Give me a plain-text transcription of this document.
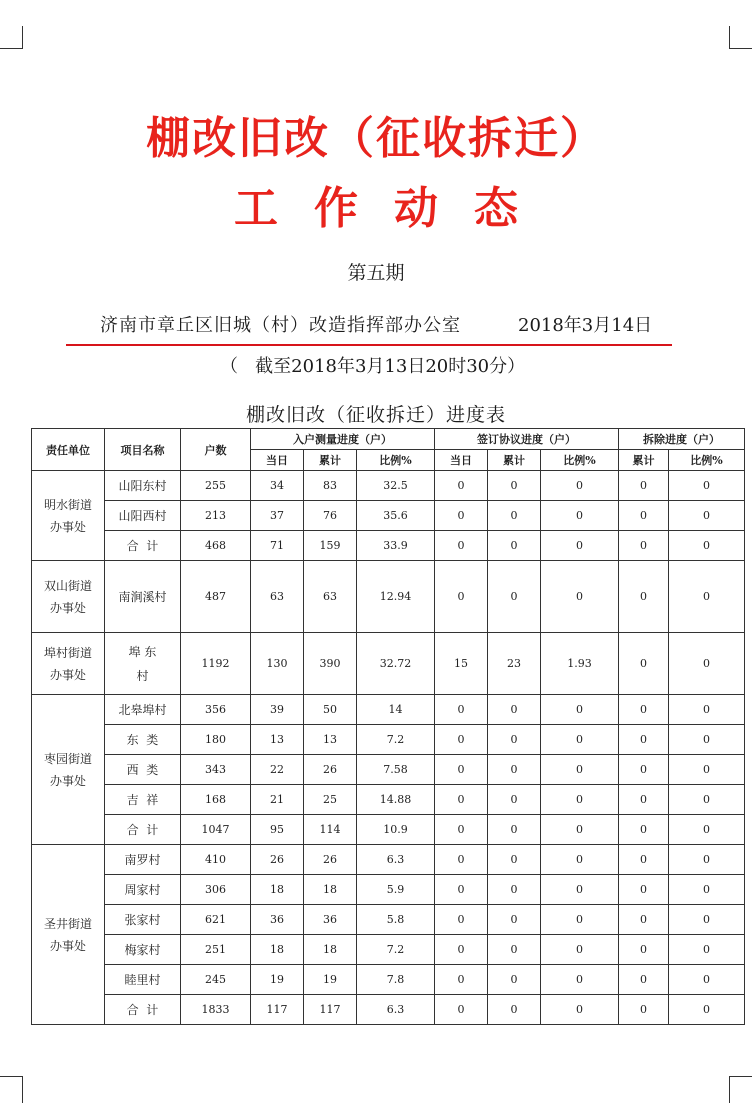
棚改旧改（征收拆迁）
工作动态
第五期
济南市章丘区旧城（村）改造指挥部办公室	2018年3月14日
（   截至2018年3月13日20时30分）
棚改旧改（征收拆迁）进度表
责任单位	项目名称	户数	入户测量进度（户）			签订协议进度（户）			拆除进度（户）	
			当日	累计	比例%	当日	累计	比例%	累计	比例%
明水街道办事处	山阳东村	255	34	83	32.5	0	0	0	0	0
	山阳西村	213	37	76	35.6	0	0	0	0	0
	合  计	468	71	159	33.9	0	0	0	0	0
双山街道办事处	南涧溪村	487	63	63	12.94	0	0	0	0	0
埠村街道办事处	埠 东 村	1192	130	390	32.72	15	23	1.93	0	0
枣园街道办事处	北皋埠村	356	39	50	14	0	0	0	0	0
	东  类	180	13	13	7.2	0	0	0	0	0
	西  类	343	22	26	7.58	0	0	0	0	0
	吉  祥	168	21	25	14.88	0	0	0	0	0
	合  计	1047	95	114	10.9	0	0	0	0	0
圣井街道办事处	南罗村	410	26	26	6.3	0	0	0	0	0
	周家村	306	18	18	5.9	0	0	0	0	0
	张家村	621	36	36	5.8	0	0	0	0	0
	梅家村	251	18	18	7.2	0	0	0	0	0
	睦里村	245	19	19	7.8	0	0	0	0	0
	合  计	1833	117	117	6.3	0	0	0	0	0
